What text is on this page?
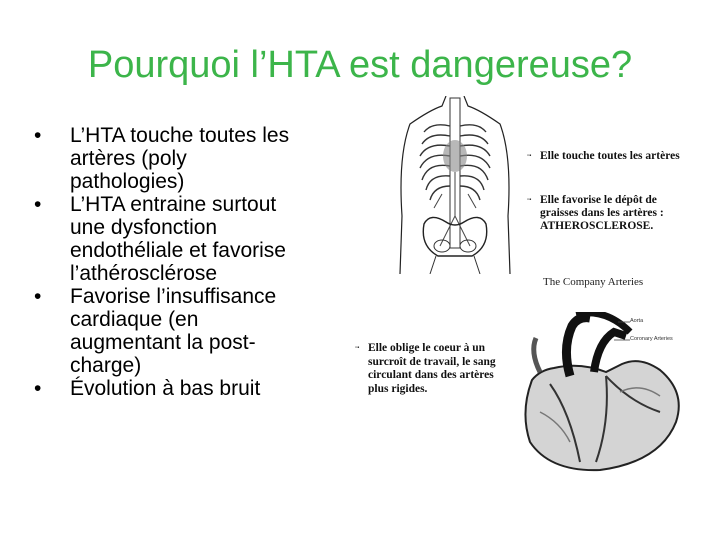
Pourquoi l’HTA est dangereuse?
• L’HTA touche toutes les artères (poly pathologies)
• L’HTA entraine surtout une dysfonction endothéliale et favorise l’athérosclérose
• Favorise l’insuffisance cardiaque (en augmentant la post-charge)
• Évolution à bas bruit
▫▪
▫▪
▫▪

Elle touche toutes les artères

Elle favorise le dépôt de graisses dans les artères :
ATHEROSCLEROSE.

The Company Arteries

Elle oblige le coeur à un surcroît de travail, le sang circulant dans des artères plus rigides.

Aorta
Coronary Arteries
